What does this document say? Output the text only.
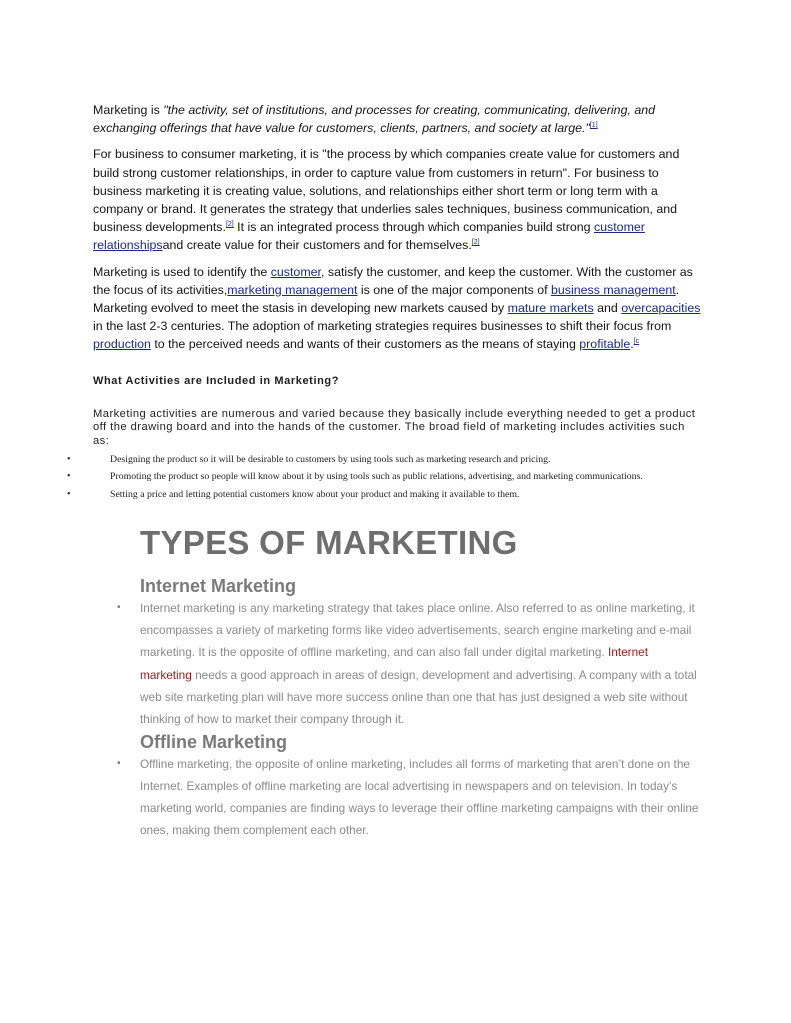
Marketing is "the activity, set of institutions, and processes for creating, communicating, delivering, and exchanging offerings that have value for customers, clients, partners, and society at large."[1]

For business to consumer marketing, it is "the process by which companies create value for customers and build strong customer relationships, in order to capture value from customers in return". For business to business marketing it is creating value, solutions, and relationships either short term or long term with a company or brand. It generates the strategy that underlies sales techniques, business communication, and business developments.[2] It is an integrated process through which companies build strong customer relationshipsand create value for their customers and for themselves.[2]

Marketing is used to identify the customer, satisfy the customer, and keep the customer. With the customer as the focus of its activities,marketing management is one of the major components of business management. Marketing evolved to meet the stasis in developing new markets caused by mature markets and overcapacities in the last 2-3 centuries. The adoption of marketing strategies requires businesses to shift their focus from production to the perceived needs and wants of their customers as the means of staying profitable.$^{[c}$

What Activities are Included in Marketing?
Marketing activities are numerous and varied because they basically include everything needed to get a product off the drawing board and into the hands of the customer. The broad field of marketing includes activities such as:
•	Designing the product so it will be desirable to customers by using tools such as marketing research and pricing.
•	Promoting the product so people will know about it by using tools such as public relations, advertising, and marketing communications.
•	Setting a price and letting potential customers know about your product and making it available to them.
TYPES OF MARKETING
Internet Marketing
• Internet marketing is any marketing strategy that takes place online. Also referred to as online marketing, it encompasses a variety of marketing forms like video advertisements, search engine marketing and e-mail marketing. It is the opposite of offline marketing, and can also fall under digital marketing. Internet marketing needs a good approach in areas of design, development and advertising. A company with a total web site marketing plan will have more success online than one that has just designed a web site without thinking of how to market their company through it.
Offline Marketing
• Offline marketing, the opposite of online marketing, includes all forms of marketing that aren’t done on the Internet. Examples of offline marketing are local advertising in newspapers and on television. In today’s marketing world, companies are finding ways to leverage their offline marketing campaigns with their online ones, making them complement each other.
